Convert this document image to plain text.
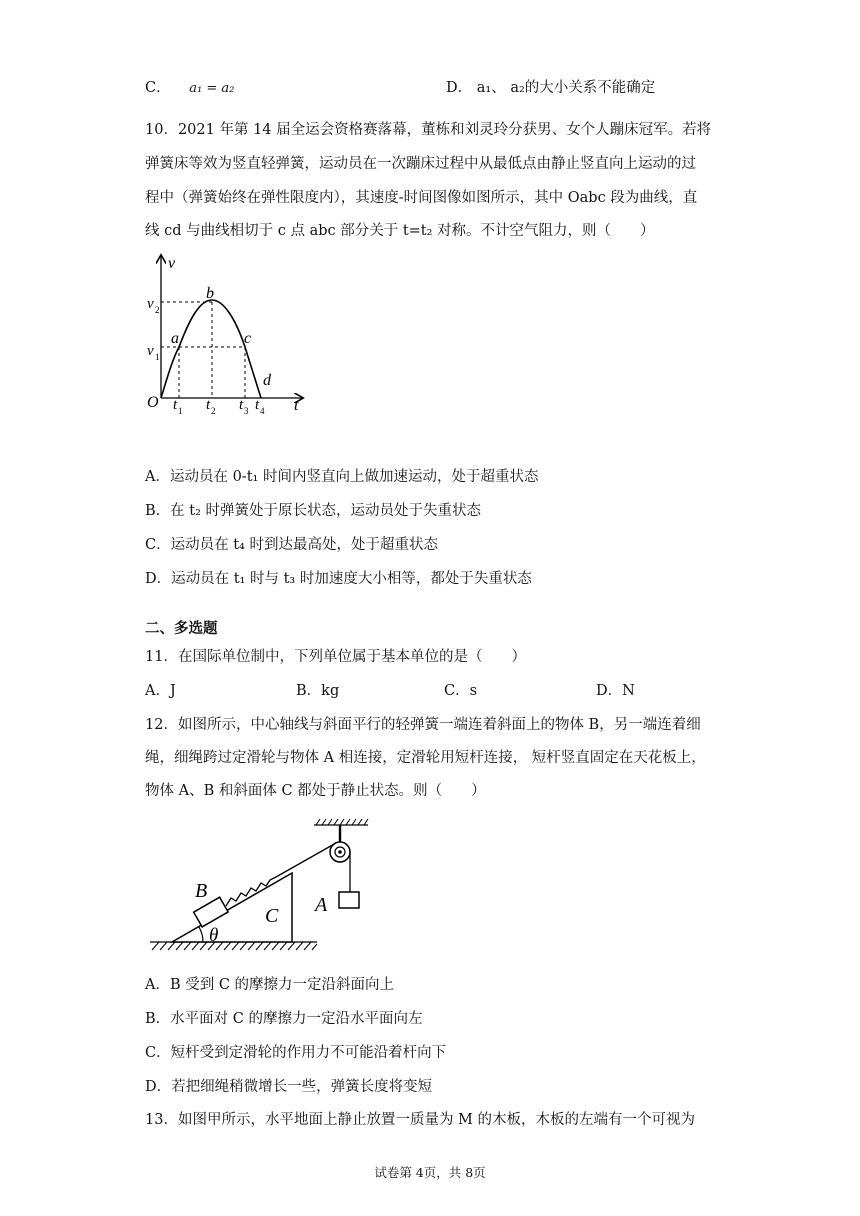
C． a₁ = a₂	D． a₁、 a₂的大小关系不能确定
10．2021 年第 14 届全运会资格赛落幕，董栋和刘灵玲分获男、女个人蹦床冠军。若将
弹簧床等效为竖直轻弹簧，运动员在一次蹦床过程中从最低点由静止竖直向上运动的过
程中（弹簧始终在弹性限度内），其速度-时间图像如图所示，其中 Oabc 段为曲线，直
线 cd 与曲线相切于 c 点 abc 部分关于 t=t₂ 对称。不计空气阻力，则（　　）
v
t
O
v 2
v 1
a
b
c
d
t 1 t 2 t 3 t 4
A．运动员在 0-t₁ 时间内竖直向上做加速运动，处于超重状态
B．在 t₂ 时弹簧处于原长状态，运动员处于失重状态
C．运动员在 t₄ 时到达最高处，处于超重状态
D．运动员在 t₁ 时与 t₃ 时加速度大小相等，都处于失重状态
二、多选题
11．在国际单位制中，下列单位属于基本单位的是（　　）
A．J	B．kg	C．s	D．N
12．如图所示，中心轴线与斜面平行的轻弹簧一端连着斜面上的物体 B，另一端连着细
绳，细绳跨过定滑轮与物体 A 相连接，定滑轮用短杆连接， 短杆竖直固定在天花板上，
物体 A、B 和斜面体 C 都处于静止状态。则（　　）
B
C A
θ
A．B 受到 C 的摩擦力一定沿斜面向上
B．水平面对 C 的摩擦力一定沿水平面向左
C．短杆受到定滑轮的作用力不可能沿着杆向下
D．若把细绳稍微增长一些，弹簧长度将变短
13．如图甲所示，水平地面上静止放置一质量为 M 的木板，木板的左端有一个可视为
试卷第 4页，共 8页
